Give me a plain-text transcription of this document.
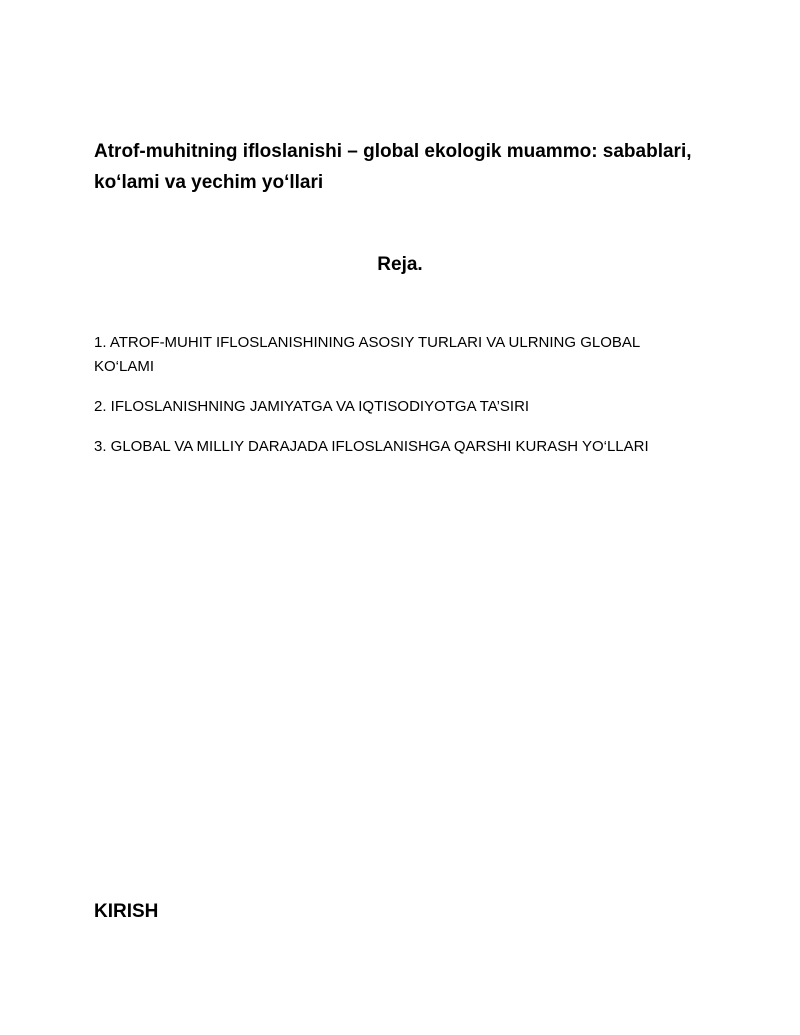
Atrof-muhitning ifloslanishi – global ekologik muammo: sabablari, ko‘lami va yechim yo‘llari
Reja.
1. ATROF-MUHIT IFLOSLANISHINING ASOSIY TURLARI VA ULRNING GLOBAL KO‘LAMI
2. IFLOSLANISHNING JAMIYATGA VA IQTISODIYOTGA TA’SIRI
3. GLOBAL VA MILLIY DARAJADA IFLOSLANISHGA QARSHI KURASH YO‘LLARI
KIRISH
